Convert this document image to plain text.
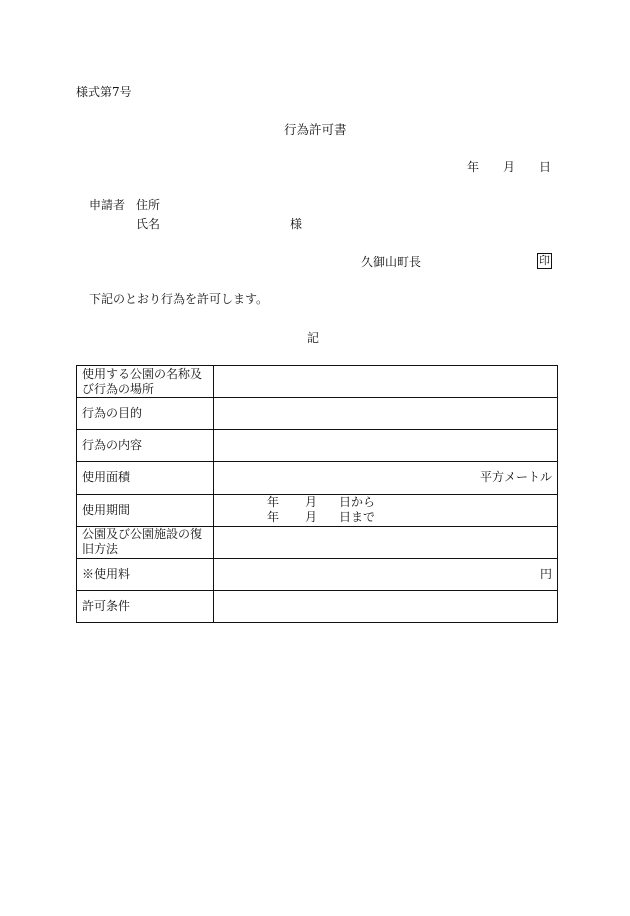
様式第7号
行為許可書
年 月 日
申請者 住所
氏名	様
久御山町長	印
下記のとおり行為を許可します。
記
使用する公園の名称及び行為の場所	
行為の目的	
行為の内容	
使用面積	平方メートル
使用期間	年 月 日から
年 月 日まで

公園及び公園施設の復旧方法	
※使用料	円
許可条件	
